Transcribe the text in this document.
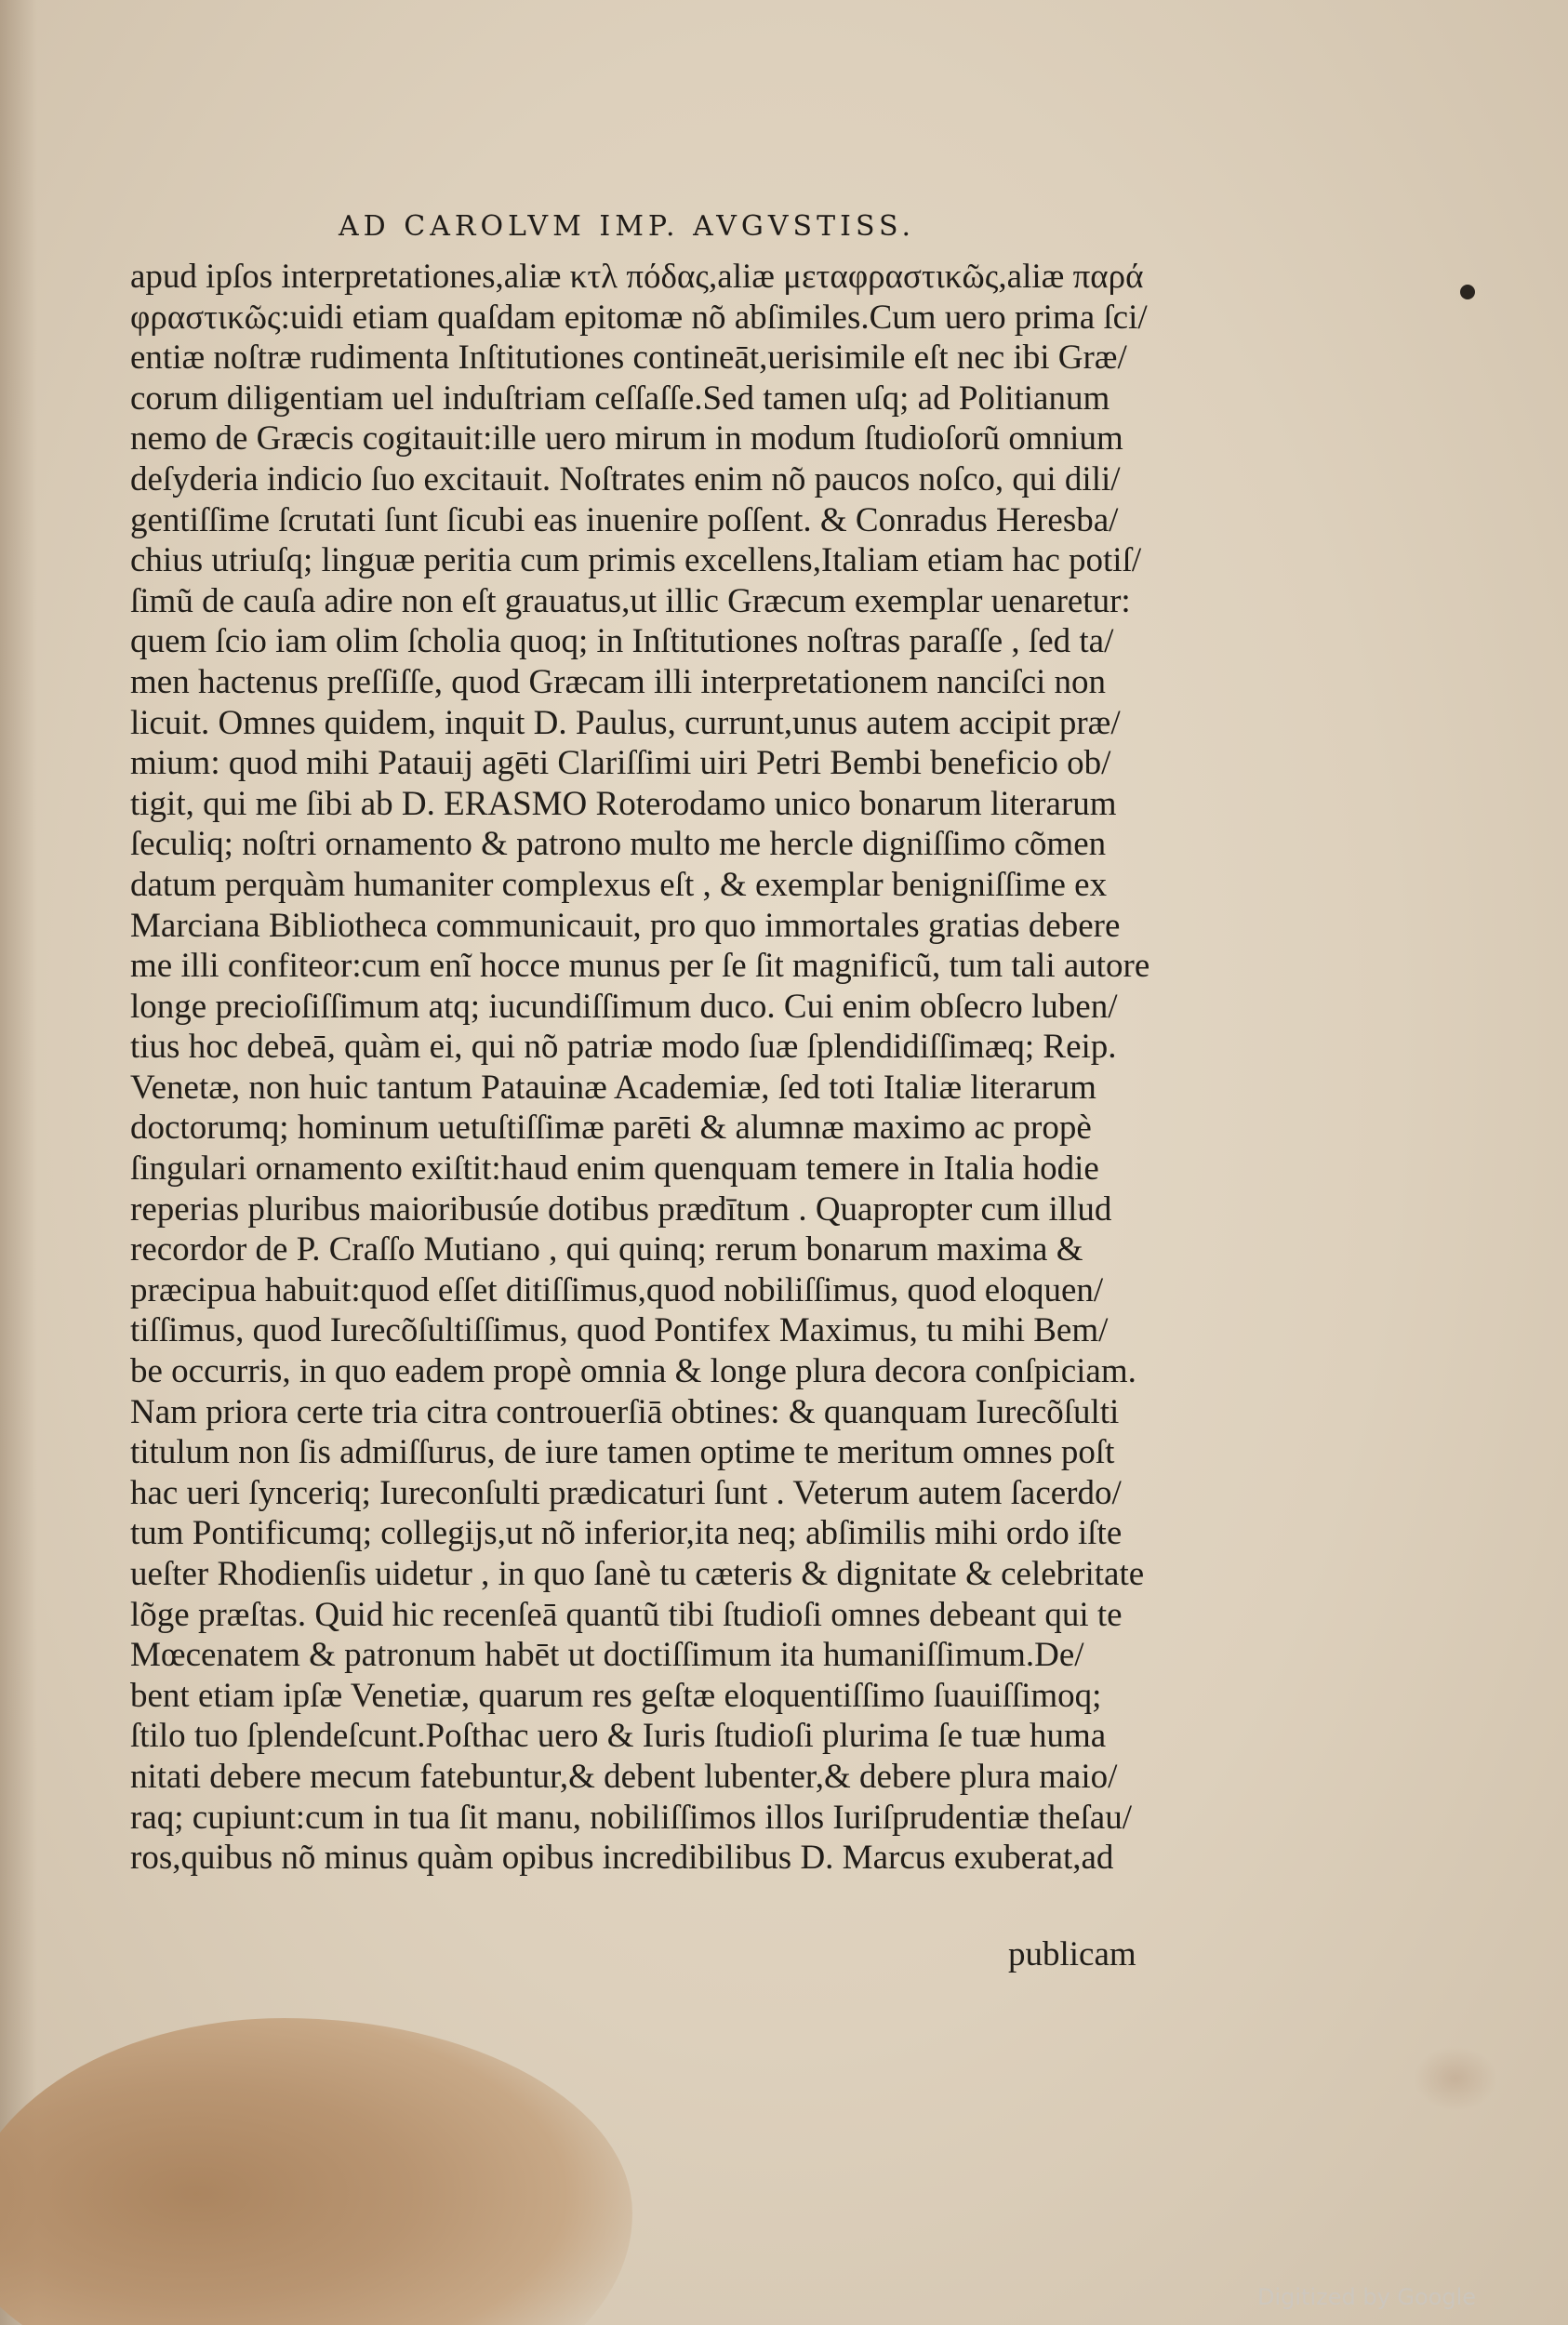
AD CAROLVM IMP. AVGVSTISS.
apud ipſos interpretationes,aliæ κτλ πόδας,aliæ μεταφραστικῶς,aliæ παρά
φραστικῶς:uidi etiam quaſdam epitomæ nõ abſimiles.Cum uero prima ſci/
entiæ noſtræ rudimenta Inſtitutiones contineāt,uerisimile eſt nec ibi Græ/
corum diligentiam uel induſtriam ceſſaſſe.Sed tamen uſq; ad Politianum
nemo de Græcis cogitauit:ille uero mirum in modum ſtudioſorũ omnium
deſyderia indicio ſuo excitauit. Noſtrates enim nõ paucos noſco, qui dili/
gentiſſime ſcrutati ſunt ſicubi eas inuenire poſſent. & Conradus Heresba/
chius utriuſq; linguæ peritia cum primis excellens,Italiam etiam hac potiſ/
ſimũ de cauſa adire non eſt grauatus,ut illic Græcum exemplar uenaretur:
quem ſcio iam olim ſcholia quoq; in Inſtitutiones noſtras paraſſe , ſed ta/
men hactenus preſſiſſe, quod Græcam illi interpretationem nanciſci non
licuit. Omnes quidem, inquit D. Paulus, currunt,unus autem accipit præ/
mium: quod mihi Patauij agēti Clariſſimi uiri Petri Bembi beneficio ob/
tigit, qui me ſibi ab D. ERASMO Roterodamo unico bonarum literarum
ſeculiq; noſtri ornamento & patrono multo me hercle digniſſimo cõmen
datum perquàm humaniter complexus eſt , & exemplar benigniſſime ex
Marciana Bibliotheca communicauit, pro quo immortales gratias debere
me illi confiteor:cum enĩ hocce munus per ſe ſit magnificũ, tum tali autore
longe precioſiſſimum atq; iucundiſſimum duco. Cui enim obſecro luben/
tius hoc debeā, quàm ei, qui nõ patriæ modo ſuæ ſplendidiſſimæq; Reip.
Venetæ, non huic tantum Patauinæ Academiæ, ſed toti Italiæ literarum
doctorumq; hominum uetuſtiſſimæ parēti & alumnæ maximo ac propè
ſingulari ornamento exiſtit:haud enim quenquam temere in Italia hodie
reperias pluribus maioribusúe dotibus prædītum . Quapropter cum illud
recordor de P. Craſſo Mutiano , qui quinq; rerum bonarum maxima &
præcipua habuit:quod eſſet ditiſſimus,quod nobiliſſimus, quod eloquen/
tiſſimus, quod Iurecõſultiſſimus, quod Pontifex Maximus, tu mihi Bem/
be occurris, in quo eadem propè omnia & longe plura decora conſpiciam.
Nam priora certe tria citra controuerſiā obtines: & quanquam Iurecõſulti
titulum non ſis admiſſurus, de iure tamen optime te meritum omnes poſt
hac ueri ſynceriq; Iureconſulti prædicaturi ſunt . Veterum autem ſacerdo/
tum Pontificumq; collegijs,ut nõ inferior,ita neq; abſimilis mihi ordo iſte
ueſter Rhodienſis uidetur , in quo ſanè tu cæteris & dignitate & celebritate
lõge præſtas. Quid hic recenſeā quantũ tibi ſtudioſi omnes debeant qui te
Mœcenatem & patronum habēt ut doctiſſimum ita humaniſſimum.De/
bent etiam ipſæ Venetiæ, quarum res geſtæ eloquentiſſimo ſuauiſſimoq;
ſtilo tuo ſplendeſcunt.Poſthac uero & Iuris ſtudioſi plurima ſe tuæ huma
nitati debere mecum fatebuntur,& debent lubenter,& debere plura maio/
raq; cupiunt:cum in tua ſit manu, nobiliſſimos illos Iuriſprudentiæ theſau/
ros,quibus nõ minus quàm opibus incredibilibus D. Marcus exuberat,ad
publicam
Digitized by Google
